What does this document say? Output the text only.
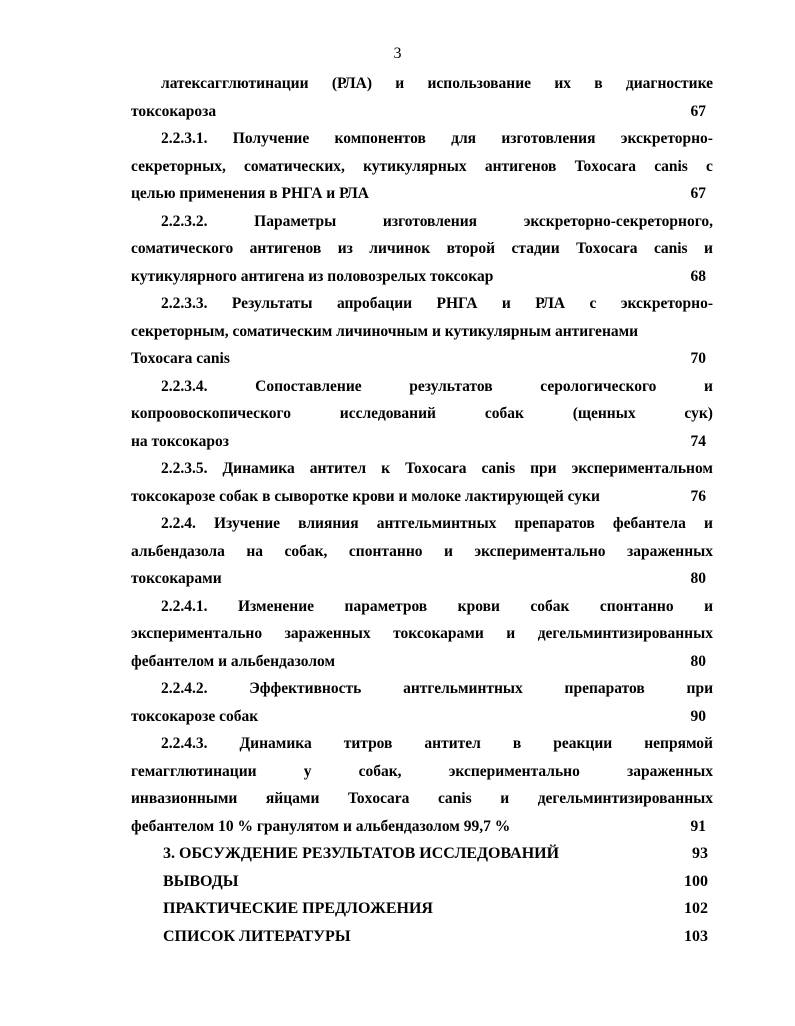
3
латексагглютинации (РЛА) и использование их в диагностике
токсокароза	67
2.2.3.1. Получение компонентов для изготовления экскреторно-
секреторных, соматических, кутикулярных антигенов Toxocara canis с
целью применения в РНГА и РЛА	67
2.2.3.2.	Параметры	изготовления	экскреторно-секреторного,
соматического антигенов из личинок второй стадии Toxocara canis и
кутикулярного антигена из половозрелых токсокар	68
2.2.3.3. Результаты апробации РНГА и РЛА с экскреторно-
секреторным, соматическим личиночным и кутикулярным антигенами
Toxocara canis	70
2.2.3.4.	Сопоставление	результатов	серологического	и
копроовоскопического	исследований	собак	(щенных	сук)
на токсокароз	74
2.2.3.5. Динамика антител к Toxocara canis при экспериментальном
токсокарозе собак в сыворотке крови и молоке лактирующей суки	76
2.2.4. Изучение влияния антгельминтных препаратов фебантела и
альбендазола на собак, спонтанно и экспериментально зараженных
токсокарами	80
2.2.4.1. Изменение параметров крови собак спонтанно и
экспериментально зараженных токсокарами и дегельминтизированных
фебантелом и альбендазолом	80
2.2.4.2.	Эффективность	антгельминтных	препаратов	при
токсокарозе собак	90
2.2.4.3. Динамика титров антител в реакции непрямой
гемагглютинации	у	собак,	экспериментально	зараженных
инвазионными яйцами Toxocara canis и дегельминтизированных
фебантелом 10 % гранулятом и альбендазолом 99,7 %	91
3. ОБСУЖДЕНИЕ РЕЗУЛЬТАТОВ ИССЛЕДОВАНИЙ	93
ВЫВОДЫ	100
ПРАКТИЧЕСКИЕ ПРЕДЛОЖЕНИЯ	102
СПИСОК ЛИТЕРАТУРЫ	103
